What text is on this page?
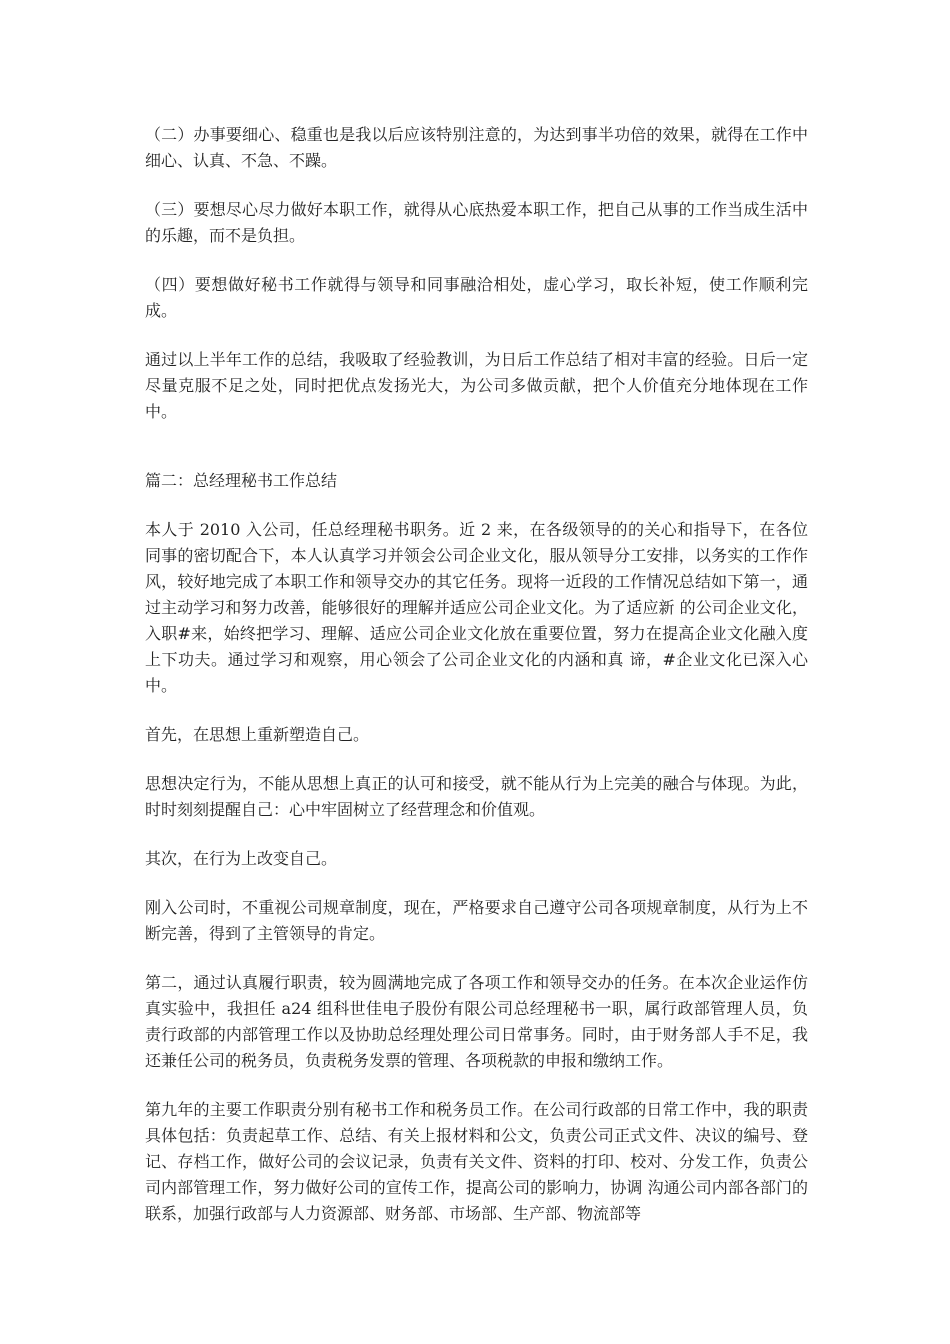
（二）办事要细心、稳重也是我以后应该特别注意的，为达到事半功倍的效果，就得在工作中细心、认真、不急、不躁。

（三）要想尽心尽力做好本职工作，就得从心底热爱本职工作，把自己从事的工作当成生活中的乐趣，而不是负担。

（四）要想做好秘书工作就得与领导和同事融洽相处，虚心学习，取长补短，使工作顺利完成。

通过以上半年工作的总结，我吸取了经验教训，为日后工作总结了相对丰富的经验。日后一定尽量克服不足之处，同时把优点发扬光大，为公司多做贡献，把个人价值充分地体现在工作中。

篇二：总经理秘书工作总结

本人于 2010 入公司，任总经理秘书职务。近 2 来，在各级领导的的关心和指导下，在各位同事的密切配合下，本人认真学习并领会公司企业文化，服从领导分工安排，以务实的工作作风，较好地完成了本职工作和领导交办的其它任务。现将一近段的工作情况总结如下第一，通过主动学习和努力改善，能够很好的理解并适应公司企业文化。为了适应新 的公司企业文化，入职#来，始终把学习、理解、适应公司企业文化放在重要位置，努力在提高企业文化融入度上下功夫。通过学习和观察，用心领会了公司企业文化的内涵和真 谛，#企业文化已深入心中。

首先，在思想上重新塑造自己。

思想决定行为，不能从思想上真正的认可和接受，就不能从行为上完美的融合与体现。为此，时时刻刻提醒自己：心中牢固树立了经营理念和价值观。

其次，在行为上改变自己。

刚入公司时，不重视公司规章制度，现在，严格要求自己遵守公司各项规章制度，从行为上不断完善，得到了主管领导的肯定。

第二，通过认真履行职责，较为圆满地完成了各项工作和领导交办的任务。在本次企业运作仿真实验中，我担任 a24 组科世佳电子股份有限公司总经理秘书一职，属行政部管理人员，负责行政部的内部管理工作以及协助总经理处理公司日常事务。同时，由于财务部人手不足，我还兼任公司的税务员，负责税务发票的管理、各项税款的申报和缴纳工作。

第九年的主要工作职责分别有秘书工作和税务员工作。在公司行政部的日常工作中，我的职责具体包括：负责起草工作、总结、有关上报材料和公文，负责公司正式文件、决议的编号、登记、存档工作，做好公司的会议记录，负责有关文件、资料的打印、校对、分发工作，负责公司内部管理工作，努力做好公司的宣传工作，提高公司的影响力，协调 沟通公司内部各部门的联系，加强行政部与人力资源部、财务部、市场部、生产部、物流部等
